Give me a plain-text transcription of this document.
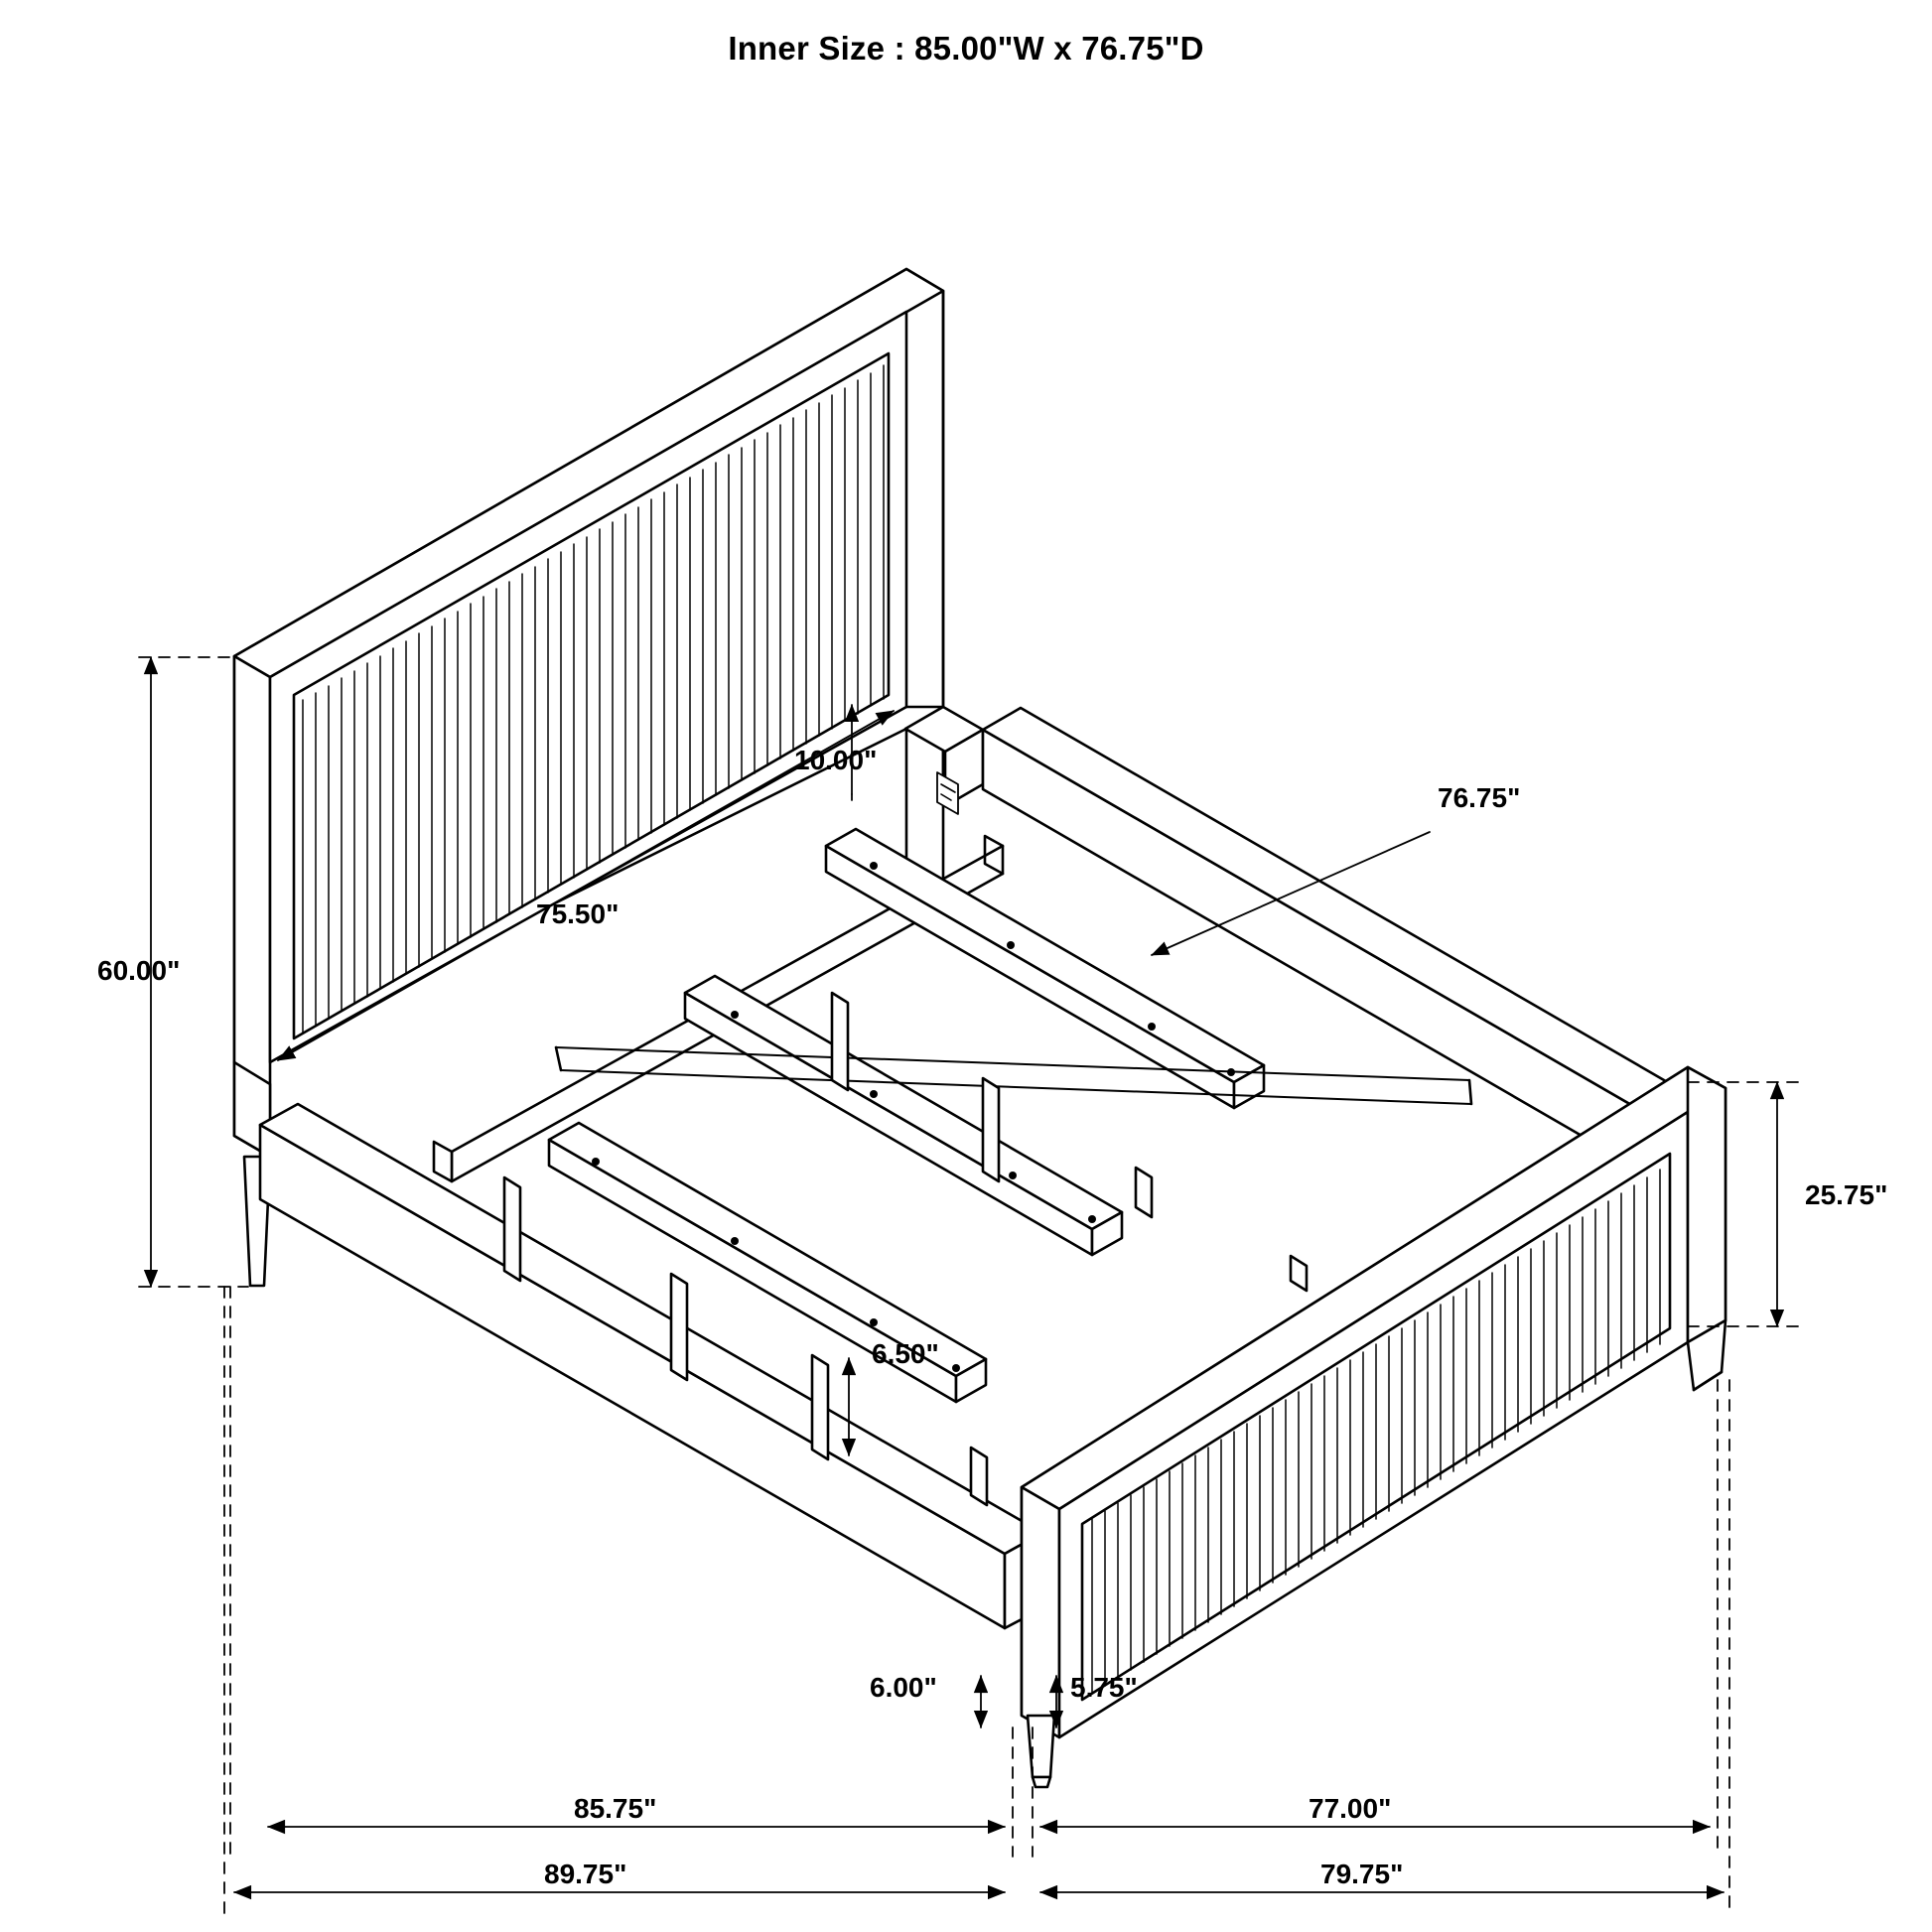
Inner Size : 85.00"W x 76.75"D
60.00"
10.00"
75.50"
76.75"
25.75"
6.50"
6.00"	5.75"
85.75"	77.00"
89.75"	79.75"
